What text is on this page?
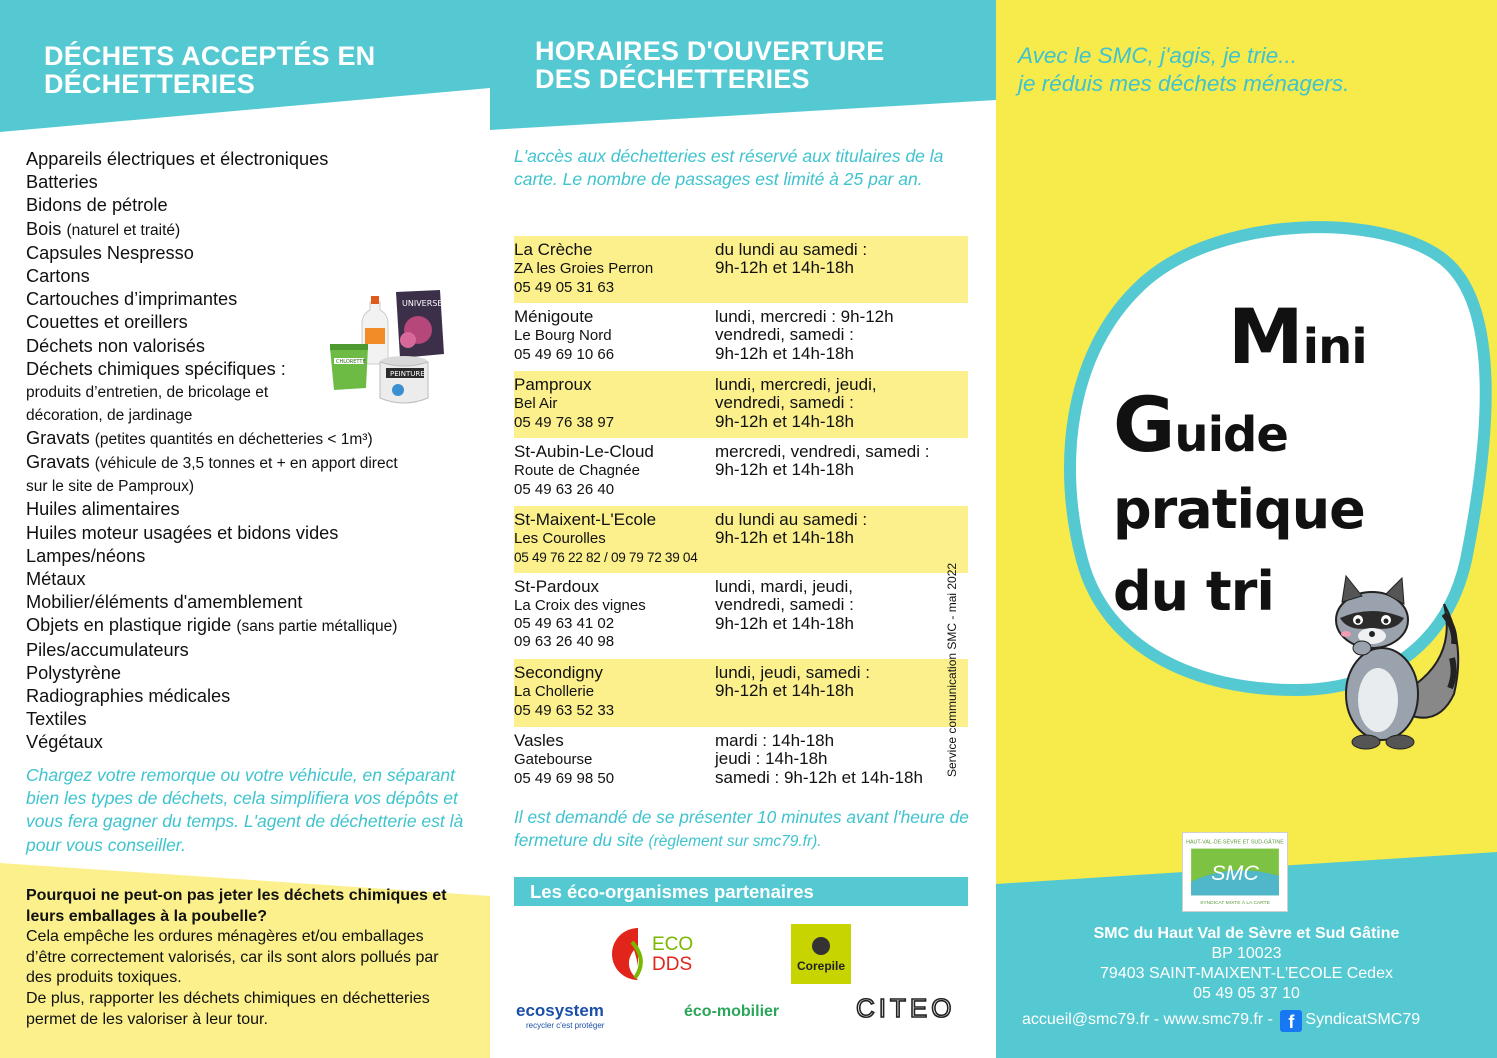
DÉCHETS ACCEPTÉS EN
DÉCHETTERIES
Appareils électriques et électroniques
Batteries
Bidons de pétrole
Bois (naturel et traité)
Capsules Nespresso
Cartons
Cartouches d’imprimantes
Couettes et oreillers
Déchets non valorisés
Déchets chimiques spécifiques :
produits d’entretien, de bricolage et
décoration, de jardinage
Gravats (petites quantités en déchetteries < 1m³)
Gravats (véhicule de 3,5 tonnes et + en apport direct
sur le site de Pamproux)
Huiles alimentaires
Huiles moteur usagées et bidons vides
Lampes/néons
Métaux
Mobilier/éléments d'amemblement
Objets en plastique rigide (sans partie métallique)
Piles/accumulateurs
Polystyrène
Radiographies médicales
Textiles
Végétaux
UNIVERSEL
CHLORETTE
PEINTURE

Chargez votre remorque ou votre véhicule, en séparant bien les types de déchets, cela simplifiera vos dépôts et vous fera gagner du temps. L'agent de déchetterie est là pour vous conseiller.

Pourquoi ne peut-on pas jeter les déchets chimiques et leurs emballages à la poubelle?
Cela empêche les ordures ménagères et/ou emballages d’être correctement valorisés, car ils sont alors pollués par des produits toxiques.
De plus, rapporter les déchets chimiques en déchetteries permet de les valoriser à leur tour.
HORAIRES D'OUVERTURE
DES DÉCHETTERIES

L'accès aux déchetteries est réservé aux titulaires de la carte. Le nombre de passages est limité à 25 par an.

La Crèche
ZA les Groies Perron
05 49 05 31 63
du lundi au samedi :
9h-12h et 14h-18h
Ménigoute
Le Bourg Nord
05 49 69 10 66
lundi, mercredi : 9h-12h
vendredi, samedi :
9h-12h et 14h-18h
Pamproux
Bel Air
05 49 76 38 97
lundi, mercredi, jeudi,
vendredi, samedi :
9h-12h et 14h-18h
St-Aubin-Le-Cloud
Route de Chagnée
05 49 63 26 40
mercredi, vendredi, samedi :
9h-12h et 14h-18h
St-Maixent-L'Ecole
Les Courolles
05 49 76 22 82 / 09 79 72 39 04
du lundi au samedi :
9h-12h et 14h-18h
St-Pardoux
La Croix des vignes
05 49 63 41 02
09 63 26 40 98
lundi, mardi, jeudi,
vendredi, samedi :
9h-12h et 14h-18h
Secondigny
La Chollerie
05 49 63 52 33
lundi, jeudi, samedi :
9h-12h et 14h-18h
Vasles
Gatebourse
05 49 69 98 50
mardi : 14h-18h
jeudi : 14h-18h
samedi : 9h-12h et 14h-18h
Service communication SMC - mai 2022

Il est demandé de se présenter 10 minutes avant l'heure de fermeture du site (règlement sur smc79.fr).

Les éco-organismes partenaires
ECO
DDS	Corepile
ecosystem
recycler c'est protéger
éco-mobilier	CITEO
Avec le SMC, j'agis, je trie...
je réduis mes déchets ménagers.
Mini
Guide
pratique
du tri
HAUT-VAL-DE-SÈVRE ET SUD-GÂTINE
SMC
SYNDICAT MIXTE À LA CARTE
SMC du Haut Val de Sèvre et Sud Gâtine
BP 10023
79403 SAINT-MAIXENT-L'ECOLE Cedex
05 49 05 37 10
accueil@smc79.fr - www.smc79.fr - f SyndicatSMC79
